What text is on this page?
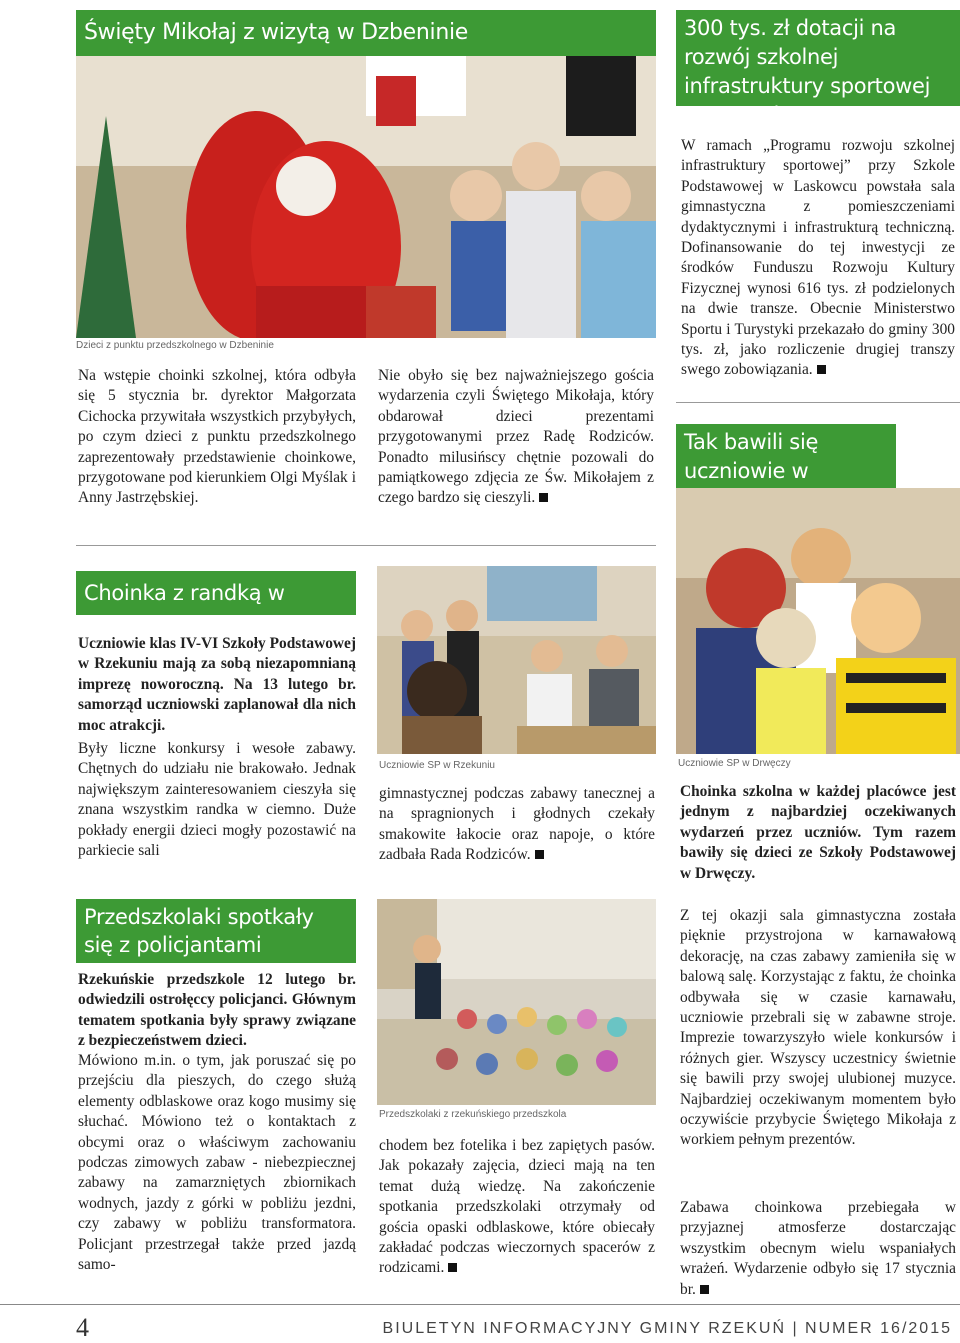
Święty Mikołaj z wizytą w Dzbeninie
Dzieci z punktu przedszkolnego w Dzbeninie
Na wstępie choinki szkolnej, która odbyła się 5 stycznia br. dyrektor Małgorzata Cichocka przywitała wszystkich przybyłych, po czym dzieci z punktu przedszkolnego zaprezentowały przedstawienie choinkowe, przygotowane pod kierunkiem Olgi Myślak i Anny Jastrzębskiej.
Nie obyło się bez najważniejszego gościa wydarzenia czyli Świętego Mikołaja, który obdarował dzieci prezentami przygotowanymi przez Radę Rodziców. Ponadto milusińscy chętnie pozowali do pamiątkowego zdjęcia ze Św. Mikołajem z czego bardzo się cieszyli.
300 tys. zł dotacji na rozwój szkolnej infrastruktury sportowej SP w Laskowcu
W ramach „Programu rozwoju szkolnej infrastruktury sportowej” przy Szkole Podstawowej w Laskowcu powstała sala gimnastyczna z pomieszczeniami dydaktycznymi i infrastrukturą techniczną. Dofinansowanie do tej inwestycji ze środków Funduszu Rozwoju Kultury Fizycznej wynosi 616 tys. zł podzielonych na dwie transze. Obecnie Ministerstwo Sportu i Turystyki przekazało do gminy 300 tys. zł, jako rozliczenie drugiej transzy swego zobowiązania.
Tak bawili się uczniowie w
Uczniowie SP w Drwęczy
Choinka szkolna w każdej placówce jest jednym z najbardziej oczekiwanych wydarzeń przez uczniów. Tym razem bawiły się dzieci ze Szkoły Podstawowej w Drwęczy.
Z tej okazji sala gimnastyczna została pięknie przystrojona w karnawałową dekorację, na czas zabawy zamieniła się w balową salę. Korzystając z faktu, że choinka odbywała się w czasie karnawału, uczniowie przebrali się w zabawne stroje. Imprezie towarzyszyło wiele konkursów i różnych gier. Wszyscy uczestnicy świetnie się bawili przy swojej ulubionej muzyce. Najbardziej oczekiwanym momentem było oczywiście przybycie Świętego Mikołaja z workiem pełnym prezentów.
Zabawa choinkowa przebiegała w przyjaznej atmosferze dostarczając wszystkim obecnym wielu wspaniałych wrażeń. Wydarzenie odbyło się 17 stycznia br.
Choinka z randką w ciemno
Uczniowie klas IV-VI Szkoły Podstawowej w Rzekuniu mają za sobą niezapomnianą imprezę noworoczną. Na 13 lutego br. samorząd uczniowski zaplanował dla nich moc atrakcji.
Były liczne konkursy i wesołe zabawy. Chętnych do udziału nie brakowało. Jednak największym zainteresowaniem cieszyła się znana wszystkim randka w ciemno. Duże pokłady energii dzieci mogły pozostawić na parkiecie sali
Uczniowie SP w Rzekuniu
gimnastycznej podczas zabawy tanecznej a na spragnionych i głodnych czekały smakowite łakocie oraz napoje, o które zadbała Rada Rodziców.
Przedszkolaki spotkały
się z policjantami
Rzekuńskie przedszkole 12 lutego br. odwiedzili ostrołęccy policjanci. Głównym tematem spotkania były sprawy związane z bezpieczeństwem dzieci.
Mówiono m.in. o tym, jak poruszać się po przejściu dla pieszych, do czego służą elementy odblaskowe oraz kogo musimy się słuchać. Mówiono też o kontaktach z obcymi oraz o właściwym zachowaniu podczas zimowych zabaw - niebezpiecznej zabawy na zamarzniętych zbiornikach wodnych, jazdy z górki w pobliżu jezdni, czy zabawy w pobliżu transformatora. Policjant przestrzegał także przed jazdą samo-
Przedszkolaki z rzekuńskiego przedszkola
chodem bez fotelika i bez zapiętych pasów. Jak pokazały zajęcia, dzieci mają na ten temat dużą wiedzę. Na zakończenie spotkania przedszkolaki otrzymały od gościa opaski odblaskowe, które obiecały zakładać podczas wieczornych spacerów z rodzicami.
4	BIULETYN INFORMACYJNY GMINY RZEKUŃ | NUMER 16/2015
